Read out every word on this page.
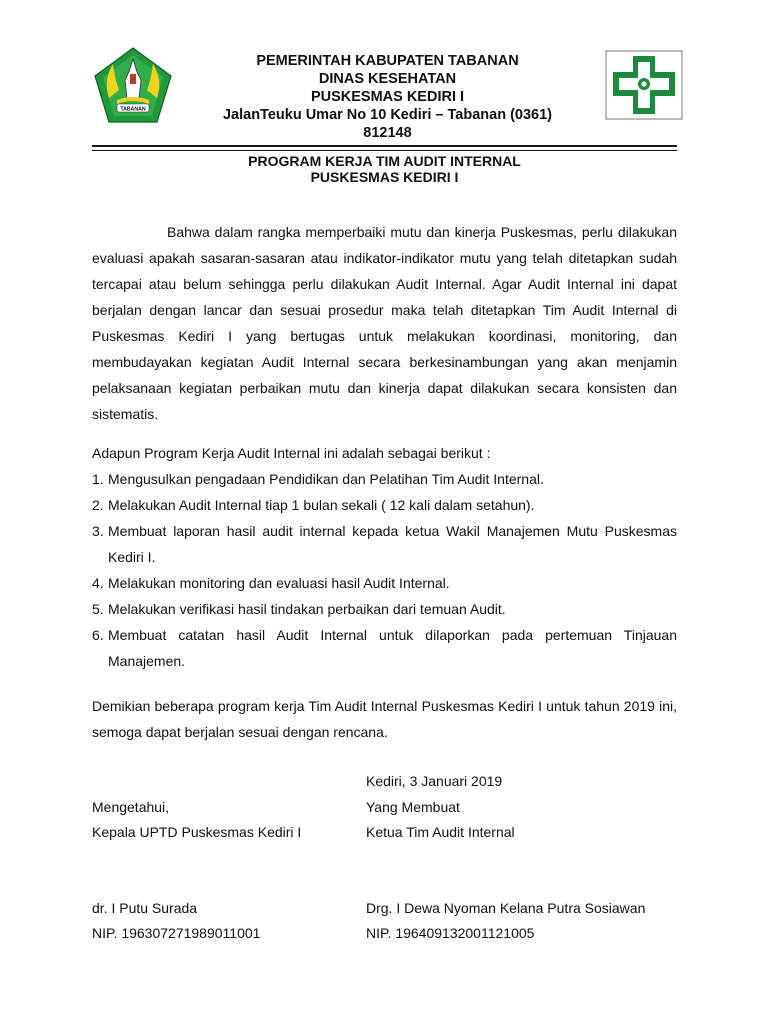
TABANAN
PEMERINTAH KABUPATEN TABANAN
DINAS KESEHATAN
PUSKESMAS KEDIRI I
JalanTeuku Umar No 10 Kediri – Tabanan (0361)
812148
PROGRAM KERJA TIM AUDIT INTERNAL
PUSKESMAS KEDIRI I
Bahwa dalam rangka memperbaiki mutu dan kinerja Puskesmas, perlu dilakukan evaluasi apakah sasaran-sasaran atau indikator-indikator mutu yang telah ditetapkan sudah tercapai atau belum sehingga perlu dilakukan Audit Internal. Agar Audit Internal ini dapat berjalan dengan lancar dan sesuai prosedur maka telah ditetapkan Tim Audit Internal di Puskesmas Kediri I yang bertugas untuk melakukan koordinasi, monitoring, dan membudayakan kegiatan Audit Internal secara berkesinambungan yang akan menjamin pelaksanaan kegiatan perbaikan mutu dan kinerja dapat dilakukan secara konsisten dan sistematis.
Adapun Program Kerja Audit Internal ini adalah sebagai berikut :
1. Mengusulkan pengadaan Pendidikan dan Pelatihan Tim Audit Internal.
2. Melakukan Audit Internal tiap 1 bulan sekali ( 12 kali dalam setahun).
3. Membuat laporan hasil audit internal kepada ketua Wakil Manajemen Mutu Puskesmas Kediri I.
4. Melakukan monitoring dan evaluasi hasil Audit Internal.
5. Melakukan verifikasi hasil tindakan perbaikan dari temuan Audit.
6. Membuat catatan hasil Audit Internal untuk dilaporkan pada pertemuan Tinjauan Manajemen.
Demikian beberapa program kerja Tim Audit Internal Puskesmas Kediri I untuk tahun 2019 ini, semoga dapat berjalan sesuai dengan rencana.
Kediri, 3 Januari 2019
Mengetahui,	Yang Membuat
Kepala UPTD Puskesmas Kediri I	Ketua Tim Audit Internal
dr. I Putu Surada	Drg. I Dewa Nyoman Kelana Putra Sosiawan
NIP. 196307271989011001	NIP. 196409132001121005
